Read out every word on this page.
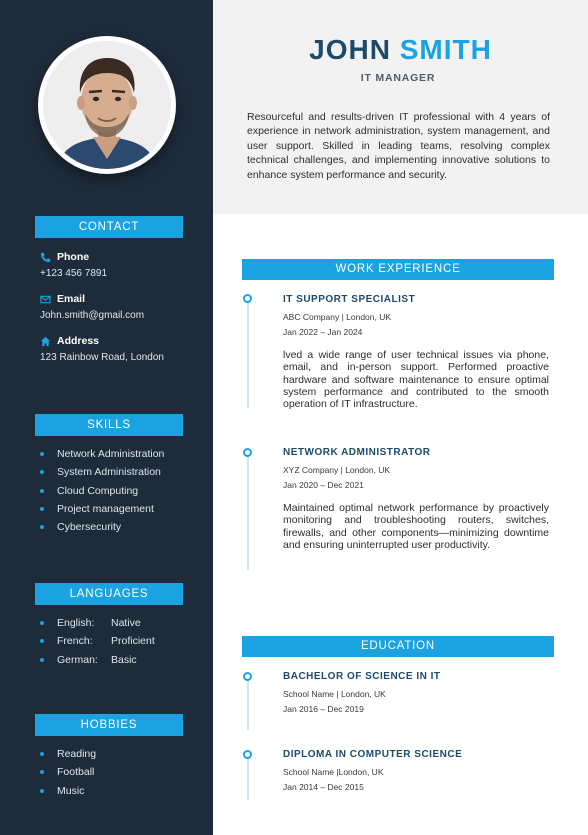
CONTACT
Phone
+123 456 7891
Email
John.smith@gmail.com
Address
123 Rainbow Road, London
SKILLS
Network Administration
System Administration
Cloud Computing
Project management
Cybersecurity
LANGUAGES
English:	Native
French:	Proficient
German:	Basic
HOBBIES
Reading
Football
Music
JOHN SMITH
IT MANAGER
Resourceful and results-driven IT professional with 4 years of experience in network administration, system management, and user support. Skilled in leading teams, resolving complex technical challenges, and implementing innovative solutions to enhance system performance and security.
WORK EXPERIENCE
IT SUPPORT SPECIALIST
ABC Company | London, UK
Jan 2022 – Jan 2024
lved a wide range of user technical issues via phone, email, and in-person support. Performed proactive hardware and software maintenance to ensure optimal system performance and contributed to the smooth operation of IT infrastructure.
NETWORK ADMINISTRATOR
XYZ Company | London, UK
Jan 2020 – Dec 2021
Maintained optimal network performance by proactively monitoring and troubleshooting routers, switches, firewalls, and other components—minimizing downtime and ensuring uninterrupted user productivity.
EDUCATION
BACHELOR OF SCIENCE IN IT
School Name | London, UK
Jan 2016 – Dec 2019
DIPLOMA IN COMPUTER SCIENCE
School Name |London, UK
Jan 2014 – Dec 2015
